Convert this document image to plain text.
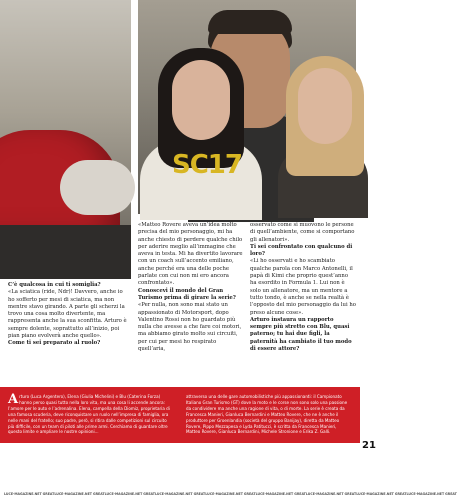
SC17

C’è qualcosa in cui ti somiglia?

«La sciatica (ride, Ndr)! Davvero, anche io ho sofferto per mesi di sciatica, ma non mentre stavo girando. A parte gli scherzi la trovo una cosa molto divertente, ma rappresenta anche la sua sconfitta. Arturo è sempre dolente, soprattutto all’inizio, poi pian piano evolverà anche quello».

Come ti sei preparato al ruolo?

«Matteo Rovere aveva un’idea molto precisa del mio personaggio, mi ha anche chiesto di perdere qualche chilo per aderire meglio all’immagine che aveva in testa. Mi ha divertito lavorare con un coach sull’accento emiliano, anche perché era una delle poche parlate con cui non mi ero ancora confrontato».

Conoscevi il mondo del Gran Turismo prima di girare la serie?

«Per nulla, non sono mai stato un appassionato di Motorsport, dopo Valentino Rossi non ho guardato più nulla che avesse a che fare coi motori, ma abbiamo girato molto sui circuiti, per cui per mesi ho respirato quell’aria,

osservato come si muovono le persone di quell’ambiente, come si comportano gli allenatori».

Ti sei confrontato con qualcuno di loro?

«Li ho osservati e ho scambiato qualche parola con Marco Antonelli, il papà di Kimi che proprio quest’anno ha esordito in Formula 1. Lui non è solo un allenatore, ma un mentore a tutto tondo, è anche se nella realtà è l’opposto del mio personaggio da lui ho preso alcune cose».

Arturo instaura un rapporto sempre più stretto con Blu, quasi paterno; tu hai due figli, la paternità ha cambiato il tuo modo di essere attore?

Arturo (Luca Argentero), Elena (Giulia Michelini) e Blu (Caterina Forza) hanno perso quasi tutto nella loro vita, ma una cosa li accende ancora: l’amore per le auto e l’adrenalina. Elena, campella della Diomiz, proprietaria di una famosa scuderia, deve riconquistare un ruolo nell’impresa di famiglia, ora nelle mani del fratello; suo padre, però, si ritira dalle competizioni sul circuito più difficile, con un team di piloti alle prime armi. Cerchiamo di guardare oltre questo limite e ampliare le nostre opinioni...
attraverso una delle gare automobilistiche più appassionanti: il Campionato Italiano Gran Turismo (GT) dove la moto e le corse non sono solo una passione da condividere ma anche una ragione di vita, o di morte. La serie è creata da Francesca Manieri, Gianluca Bernardini e Matteo Rovere, che ne è anche il produttore per Groenlandia (società del gruppo Banijay), diretta da Matteo Rovere, Pippo Mezzapesa e Lyda Patitucci, è scritta da Francesca Manieri, Matteo Rovere, Gianluca Bernardini, Michele Stronione e Erika Z. Galli.
21
LUCE-MAGAZINE.NET GREAT LUCE-MAGAZINE.NET GREAT LUCE-MAGAZINE.NET GREAT LUCE-MAGAZINE.NET GREAT LUCE-MAGAZINE.NET GREAT LUCE-MAGAZINE.NET GREAT LUCE-MAGAZINE.NET GREAT LUCE-MAGAZINE.NET GREAT LUCE-MAGAZINE.NET GREAT
